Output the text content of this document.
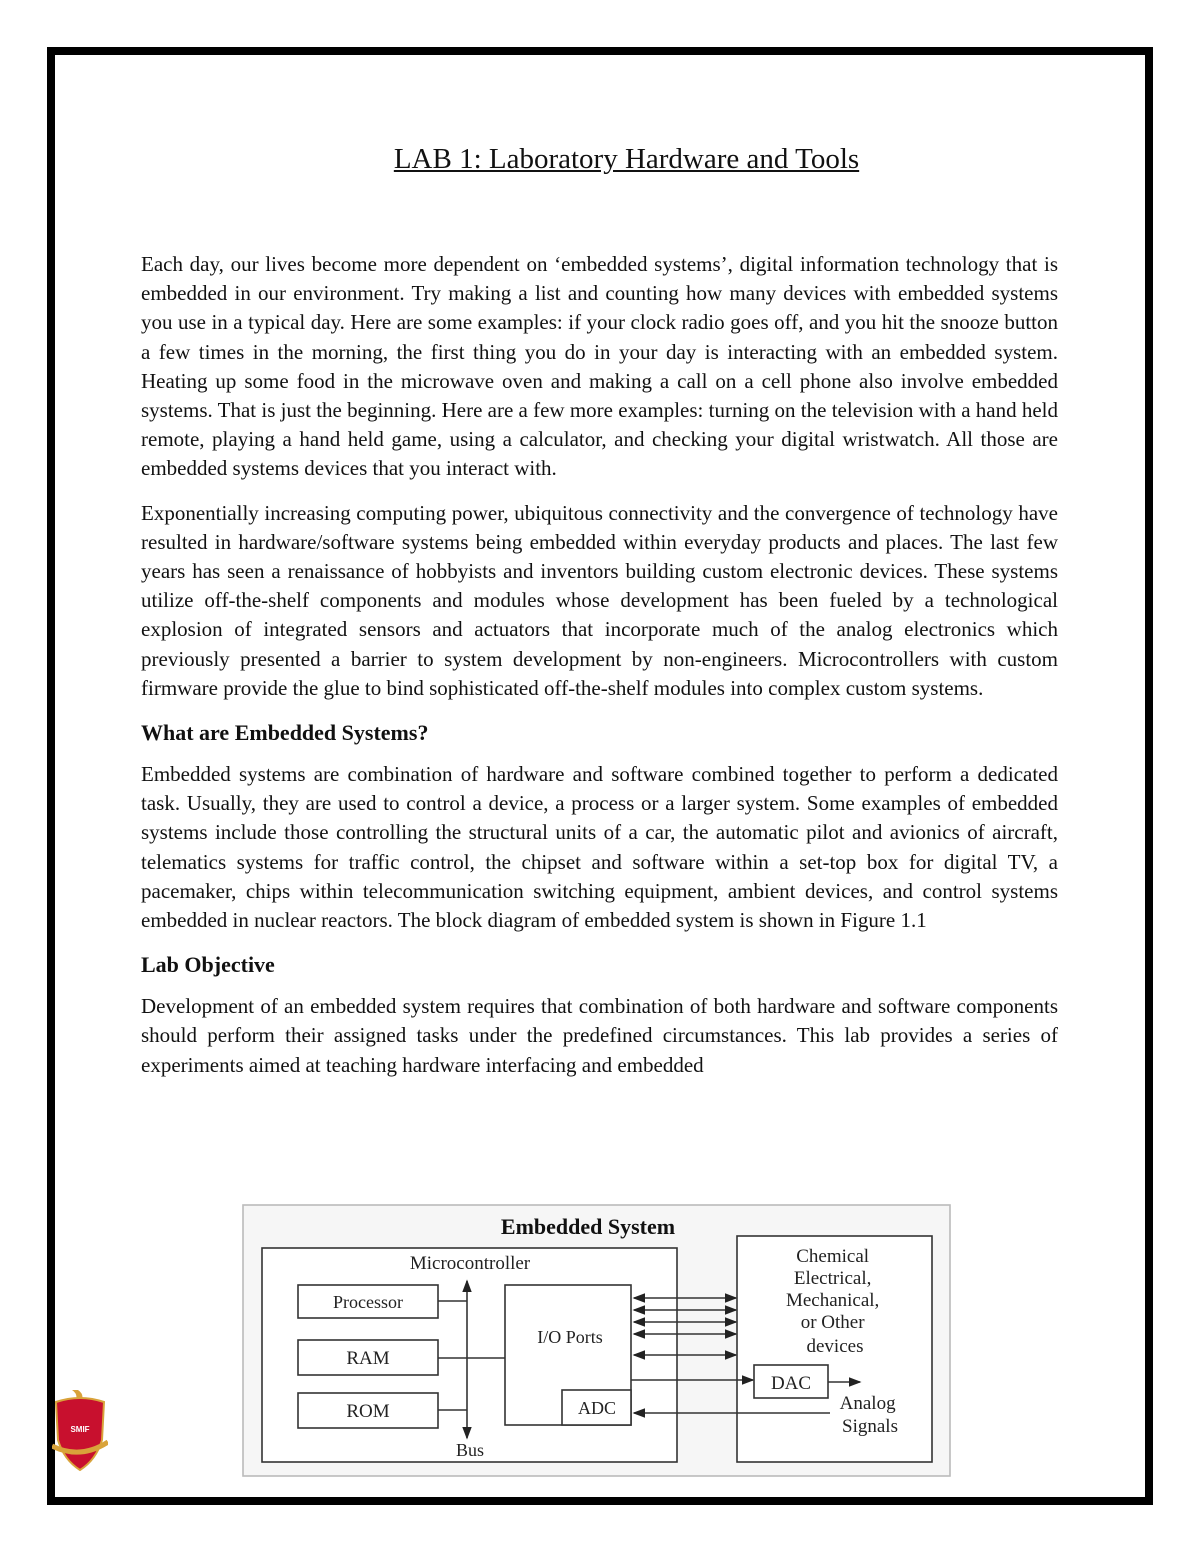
LAB 1: Laboratory Hardware and Tools

Each day, our lives become more dependent on ‘embedded systems’, digital information technology that is embedded in our environment. Try making a list and counting how many devices with embedded systems you use in a typical day. Here are some examples: if your clock radio goes off, and you hit the snooze button a few times in the morning, the first thing you do in your day is interacting with an embedded system. Heating up some food in the microwave oven and making a call on a cell phone also involve embedded systems. That is just the beginning. Here are a few more examples: turning on the television with a hand held remote, playing a hand held game, using a calculator, and checking your digital wristwatch. All those are embedded systems devices that you interact with.

Exponentially increasing computing power, ubiquitous connectivity and the convergence of technology have resulted in hardware/software systems being embedded within everyday products and places. The last few years has seen a renaissance of hobbyists and inventors building custom electronic devices. These systems utilize off-the-shelf components and modules whose development has been fueled by a technological explosion of integrated sensors and actuators that incorporate much of the analog electronics which previously presented a barrier to system development by non-engineers. Microcontrollers with custom firmware provide the glue to bind sophisticated off-the-shelf modules into complex custom systems.

What are Embedded Systems?

Embedded systems are combination of hardware and software combined together to perform a dedicated task. Usually, they are used to control a device, a process or a larger system. Some examples of embedded systems include those controlling the structural units of a car, the automatic pilot and avionics of aircraft, telematics systems for traffic control, the chipset and software within a set-top box for digital TV, a pacemaker, chips within telecommunication switching equipment, ambient devices, and control systems embedded in nuclear reactors. The block diagram of embedded system is shown in Figure 1.1

Lab Objective

Development of an embedded system requires that combination of both hardware and software components should perform their assigned tasks under the predefined circumstances. This lab provides a series of experiments aimed at teaching hardware interfacing and embedded

Embedded System
Microcontroller
Processor
RAM
ROM
Bus
I/O Ports
ADC
Chemical Electrical, Mechanical, or Other devices
DAC
Analog Signals
SMIF
